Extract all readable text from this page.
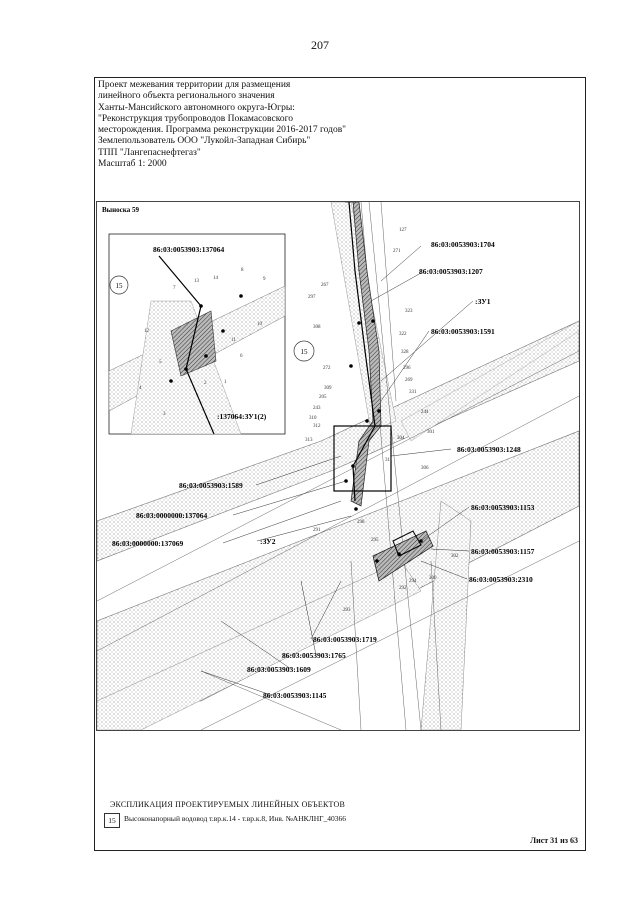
207
Проект межевания территории для размещения
линейного объекта регионального значения
Ханты-Мансийского автономного округа-Югры:
"Реконструкция трубопроводов Покамасовского
месторождения. Программа реконструкции 2016-2017 годов"
Землепользователь ООО "Лукойл-Западная Сибирь"
ТПП "Лангепаснефтегаз"
Масштаб 1: 2000
86:03:0053903:137064
15
:137064:ЗУ1(2)
1
2
3
4
5
6
7
8
9
10
11
12
13
14
Выноска 59
15
86:03:0053903:1704
86:03:0053903:1207
:ЗУ1
86:03:0053903:1591
86:03:0053903:1248
86:03:0053903:1589
86:03:0000000:137064
86:03:0053903:1153
86:03:0000000:137069	:ЗУ2
86:03:0053903:1157
86:03:0053903:2310
86:03:0053903:1719
86:03:0053903:1765
86:03:0053903:1609
86:03:0053903:1145
127
271
267
297
323
308
322
328
272	296
269
309
205
331
243
312
313
310
244
301
306
291
298
293
292
294
300
302
295
304
311
ЭКСПЛИКАЦИЯ ПРОЕКТИРУЕМЫХ ЛИНЕЙНЫХ ОБЪЕКТОВ
15	Высоконапорный водовод т.вр.к.14 - т.вр.к.8, Инв. №АНКЛНГ_40366
Лист 31 из 63
